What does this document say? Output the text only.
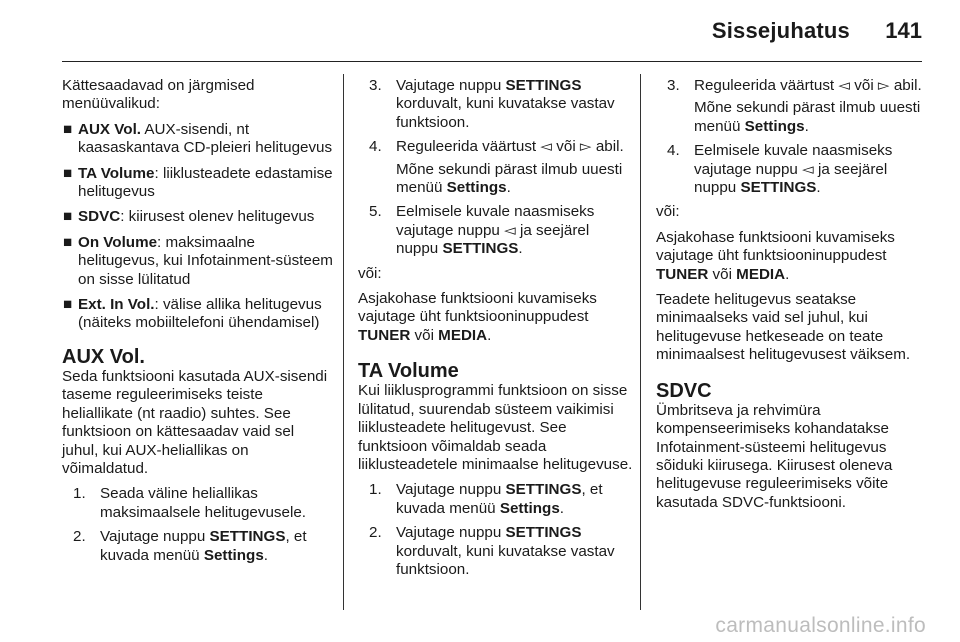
Sissejuhatus 141

Kättesaadavad on järgmised menüüvalikud:

■ AUX Vol. AUX-sisendi, nt kaasaskantava CD-pleieri helitugevus
■ TA Volume: liiklusteadete edastamise helitugevus
■ SDVC: kiirusest olenev helitugevus
■ On Volume: maksimaalne helitugevus, kui Infotainment-süsteem on sisse lülitatud
■ Ext. In Vol.: välise allika helitugevus (näiteks mobiiltelefoni ühendamisel)
AUX Vol.

Seda funktsiooni kasutada AUX-sisendi taseme reguleerimiseks teiste heliallikate (nt raadio) suhtes. See funktsioon on kättesaadav vaid sel juhul, kui AUX-heliallikas on võimaldatud.

1. Seada väline heliallikas maksimaalsele helitugevusele.
2. Vajutage nuppu SETTINGS, et kuvada menüü Settings.
3. Vajutage nuppu SETTINGS korduvalt, kuni kuvatakse vastav funktsioon.
4. Reguleerida väärtust ◅ või ▻ abil.
Mõne sekundi pärast ilmub uuesti menüü Settings.
5. Eelmisele kuvale naasmiseks vajutage nuppu ◅ ja seejärel nuppu SETTINGS.

või:

Asjakohase funktsiooni kuvamiseks vajutage üht funktsiooninuppudest TUNER või MEDIA.

TA Volume

Kui liiklusprogrammi funktsioon on sisse lülitatud, suurendab süsteem vaikimisi liiklusteadete helitugevust. See funktsioon võimaldab seada liiklusteadetele minimaalse helitugevuse.

1. Vajutage nuppu SETTINGS, et kuvada menüü Settings.
2. Vajutage nuppu SETTINGS korduvalt, kuni kuvatakse vastav funktsioon.
3. Reguleerida väärtust ◅ või ▻ abil.
Mõne sekundi pärast ilmub uuesti menüü Settings.
4. Eelmisele kuvale naasmiseks vajutage nuppu ◅ ja seejärel nuppu SETTINGS.

või:

Asjakohase funktsiooni kuvamiseks vajutage üht funktsiooninuppudest TUNER või MEDIA.

Teadete helitugevus seatakse minimaalseks vaid sel juhul, kui helitugevuse hetkeseade on teate minimaalsest helitugevusest väiksem.

SDVC

Ümbritseva ja rehvimüra kompenseerimiseks kohandatakse Infotainment-süsteemi helitugevus sõiduki kiirusega. Kiirusest oleneva helitugevuse reguleerimiseks võite kasutada SDVC-funktsiooni.

carmanualsonline.info
